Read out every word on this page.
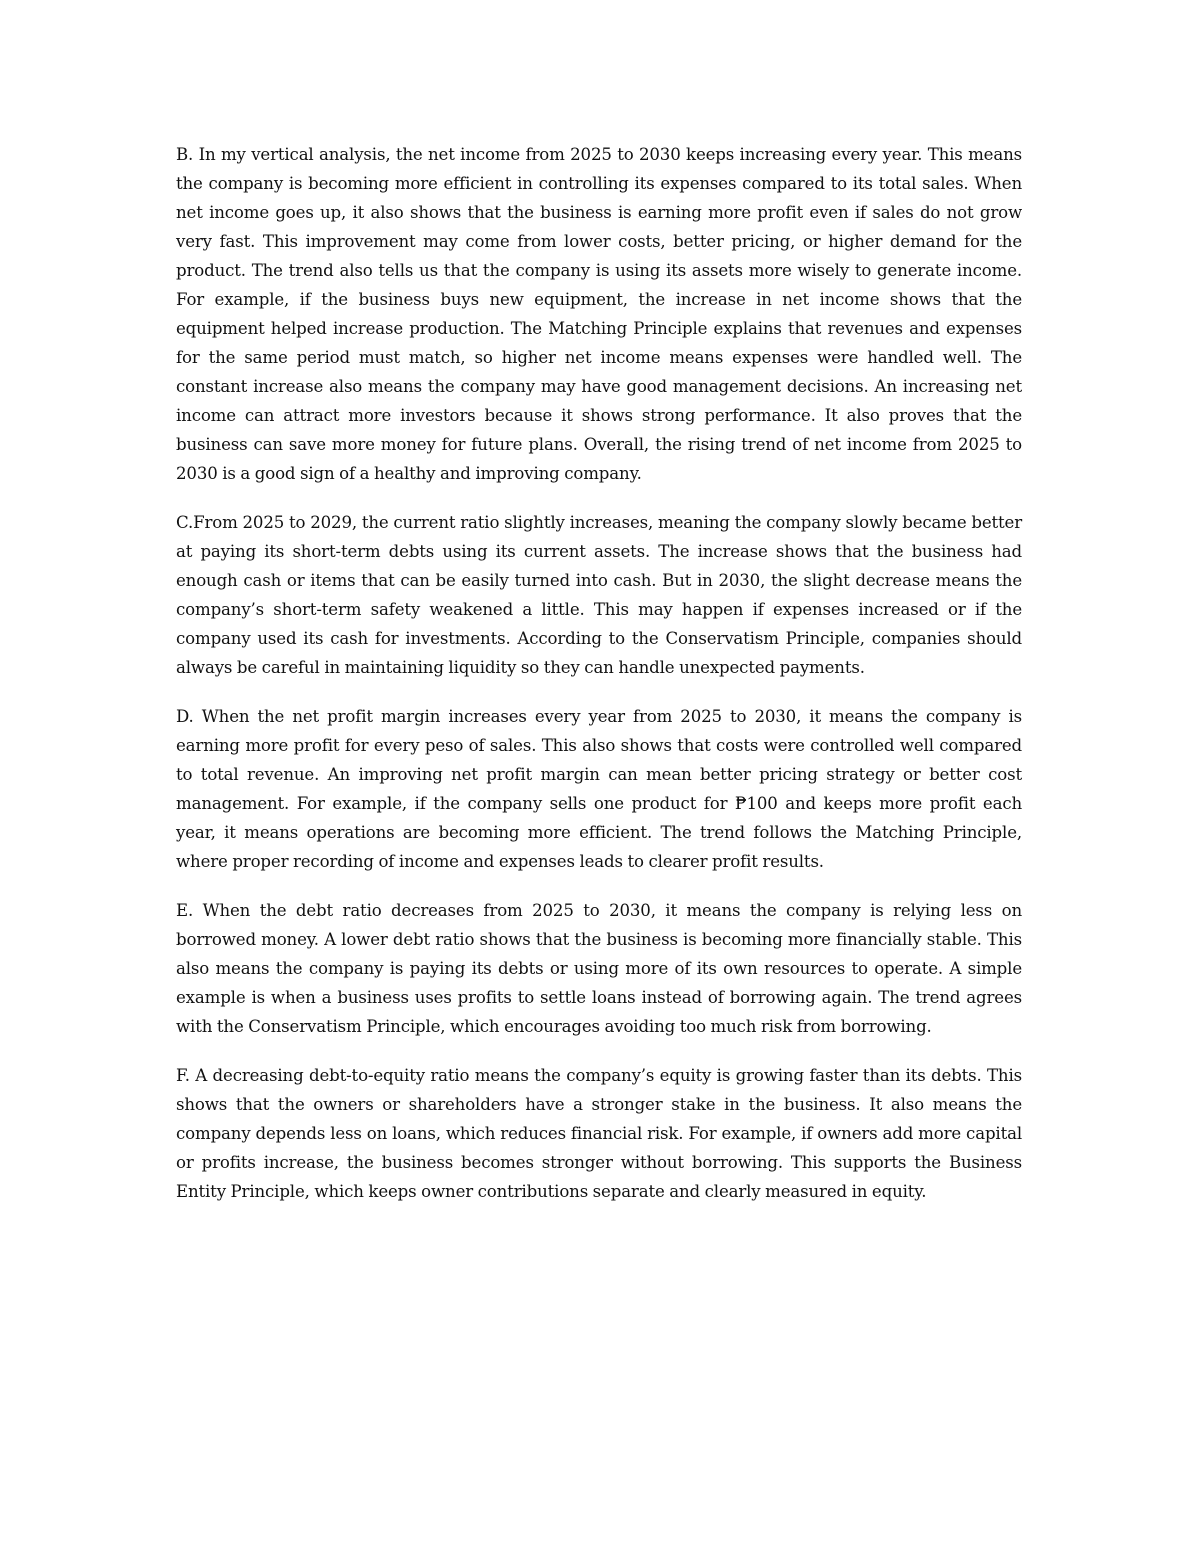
B. In my vertical analysis, the net income from 2025 to 2030 keeps increasing every year. This means the company is becoming more efficient in controlling its expenses compared to its total sales. When net income goes up, it also shows that the business is earning more profit even if sales do not grow very fast. This improvement may come from lower costs, better pricing, or higher demand for the product. The trend also tells us that the company is using its assets more wisely to generate income. For example, if the business buys new equipment, the increase in net income shows that the equipment helped increase production. The Matching Principle explains that revenues and expenses for the same period must match, so higher net income means expenses were handled well. The constant increase also means the company may have good management decisions. An increasing net income can attract more investors because it shows strong performance. It also proves that the business can save more money for future plans. Overall, the rising trend of net income from 2025 to 2030 is a good sign of a healthy and improving company.

C.From 2025 to 2029, the current ratio slightly increases, meaning the company slowly became better at paying its short-term debts using its current assets. The increase shows that the business had enough cash or items that can be easily turned into cash. But in 2030, the slight decrease means the company’s short-term safety weakened a little. This may happen if expenses increased or if the company used its cash for investments. According to the Conservatism Principle, companies should always be careful in maintaining liquidity so they can handle unexpected payments.

D. When the net profit margin increases every year from 2025 to 2030, it means the company is earning more profit for every peso of sales. This also shows that costs were controlled well compared to total revenue. An improving net profit margin can mean better pricing strategy or better cost management. For example, if the company sells one product for ₱100 and keeps more profit each year, it means operations are becoming more efficient. The trend follows the Matching Principle, where proper recording of income and expenses leads to clearer profit results.

E. When the debt ratio decreases from 2025 to 2030, it means the company is relying less on borrowed money. A lower debt ratio shows that the business is becoming more financially stable. This also means the company is paying its debts or using more of its own resources to operate. A simple example is when a business uses profits to settle loans instead of borrowing again. The trend agrees with the Conservatism Principle, which encourages avoiding too much risk from borrowing.

F. A decreasing debt-to-equity ratio means the company’s equity is growing faster than its debts. This shows that the owners or shareholders have a stronger stake in the business. It also means the company depends less on loans, which reduces financial risk. For example, if owners add more capital or profits increase, the business becomes stronger without borrowing. This supports the Business Entity Principle, which keeps owner contributions separate and clearly measured in equity.
